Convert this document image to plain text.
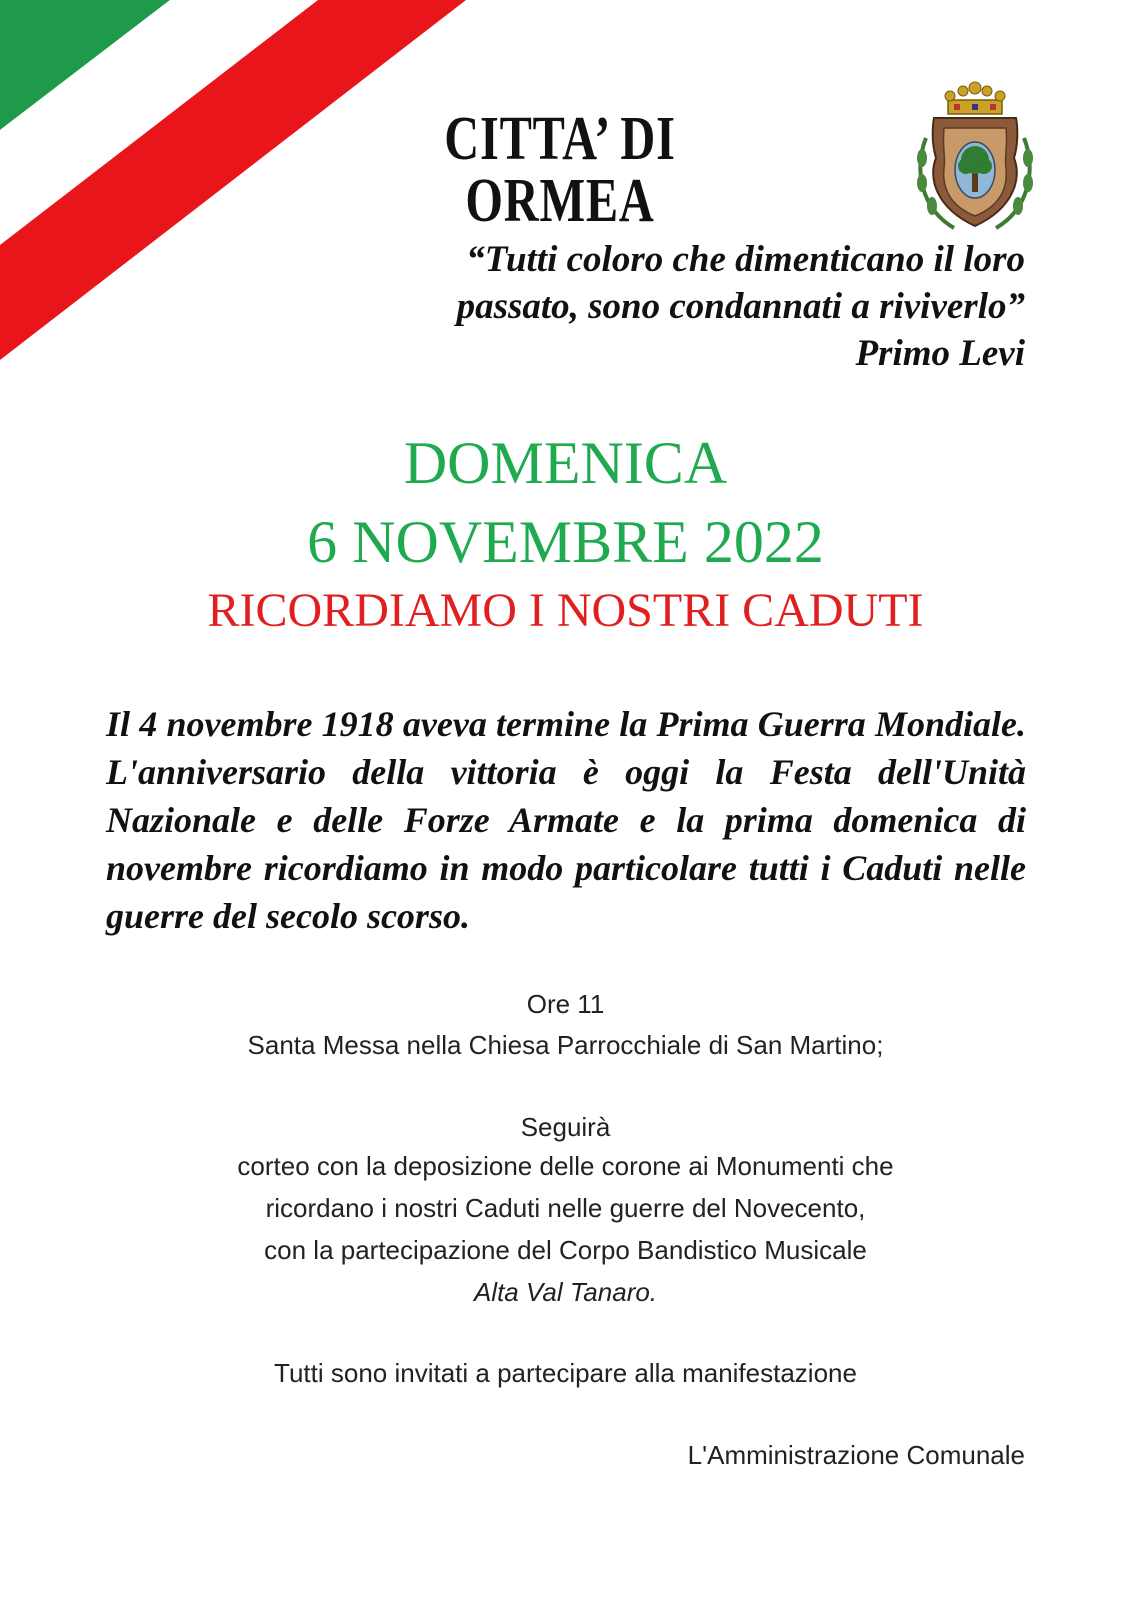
CITTA’ DI ORMEA
“Tutti coloro che dimenticano il loro
passato, sono condannati a riviverlo”
Primo Levi
DOMENICA
6 NOVEMBRE 2022
RICORDIAMO I NOSTRI CADUTI
Il 4 novembre 1918 aveva termine la Prima Guerra Mondiale. L'anniversario della vittoria è oggi la Festa dell'Unità Nazionale e delle Forze Armate e la prima domenica di novembre ricordiamo in modo particolare tutti i Caduti nelle guerre del secolo scorso.
Ore 11
Santa Messa nella Chiesa Parrocchiale di San Martino;
Seguirà
corteo con la deposizione delle corone ai Monumenti che
ricordano i nostri Caduti nelle guerre del Novecento,
con la partecipazione del Corpo Bandistico Musicale
Alta Val Tanaro.
Tutti sono invitati a partecipare alla manifestazione
L'Amministrazione Comunale
